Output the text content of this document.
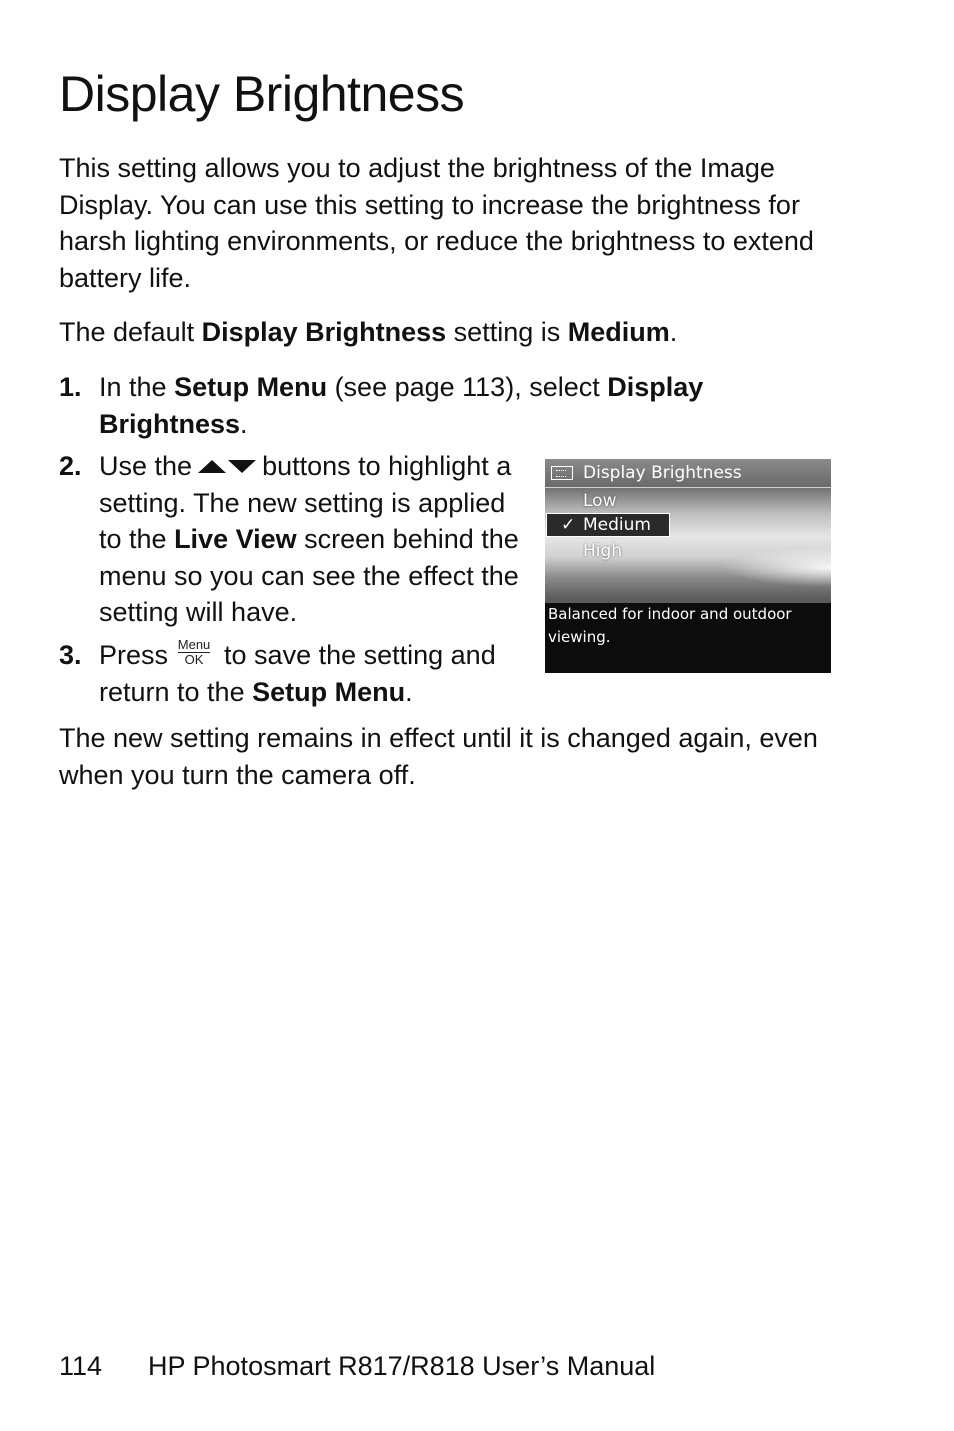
Display Brightness

This setting allows you to adjust the brightness of the Image Display. You can use this setting to increase the brightness for harsh lighting environments, or reduce the brightness to extend battery life.

The default Display Brightness setting is Medium.

1. In the Setup Menu (see page 113), select Display Brightness.
2. Use the	buttons to highlight a setting. The new setting is applied to the Live View screen behind the menu so you can see the effect the setting will have.
3. Press Menu
OK to save the setting and return to the Setup Menu.
Display Brightness
Low
✓ Medium
High
Balanced for indoor and outdoor viewing.

The new setting remains in effect until it is changed again, even when you turn the camera off.

114 HP Photosmart R817/R818 User’s Manual
